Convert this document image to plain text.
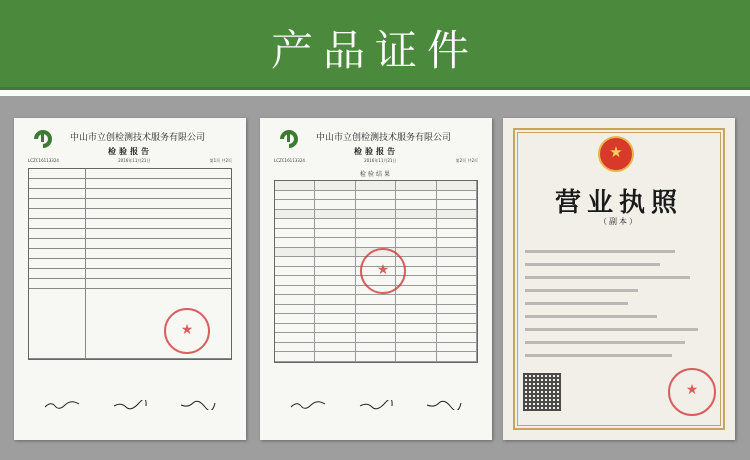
产品证件
中山市立创检测技术服务有限公司
检验报告
LCZC16113324	2016年11月21日	第1页 共2页
★
中山市立创检测技术服务有限公司
检验报告
LCZC16113324	2016年11月21日	第2页 共2页
检验结果
★
★
营业执照
（副本）
★
